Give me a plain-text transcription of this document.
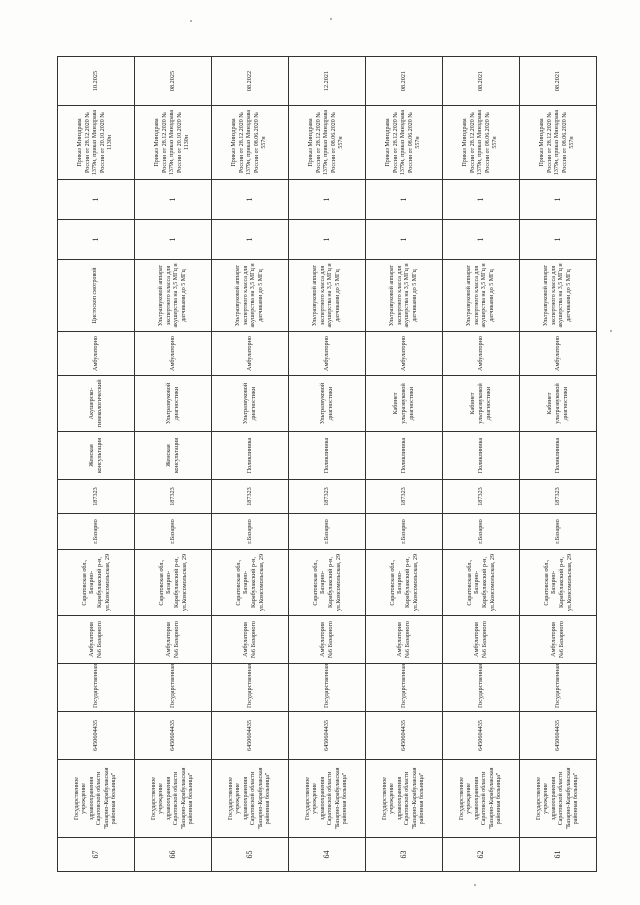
67	Государственное учреждение здравоохранения Саратовской области "Базарно-Карабулакская районная больница"	6450604435	Государственная	Амбулатория №6 Базарного	Саратовская обл., Базарно-Карабулакский р-н, ул.Комсомольская, 29	г.Базарно	187323	Женская консультация	Акушерско-гинекологический	Амбулаторно	Цистоскоп смотровой	1	1	Приказ Минздрава России от 28.12.2020 № 1379н, приказ Минздрава России от 20.10.2020 № 1130н	10.2025
66	Государственное учреждение здравоохранения Саратовской области "Базарно-Карабулакская районная больница"	6450604435	Государственная	Амбулатория №6 Базарного	Саратовская обл., Базарно-Карабулакский р-н, ул.Комсомольская, 29	г.Базарно	187323	Женская консультация	Ультразвуковой диагностики	Амбулаторно	Ультразвуковой аппарат экспертного класса для акушерства на 3,5 МГц и датчиками до 5 МГц	1	1	Приказ Минздрава России от 28.12.2020 № 1379н, приказ Минздрава России от 20.10.2020 № 1130н	08.2025
65	Государственное учреждение здравоохранения Саратовской области "Базарно-Карабулакская районная больница"	6450604435	Государственная	Амбулатория №6 Базарного	Саратовская обл., Базарно-Карабулакский р-н, ул.Комсомольская, 29	г.Базарно	187323	Поликлиника	Ультразвуковой диагностики	Амбулаторно	Ультразвуковой аппарат экспертного класса для акушерства на 3,5 МГц и датчиками до 5 МГц	1	1	Приказ Минздрава России от 28.12.2020 № 1379н, приказ Минздрава России от 08.06.2020 № 557н	08.2022
64	Государственное учреждение здравоохранения Саратовской области "Базарно-Карабулакская районная больница"	6450604435	Государственная	Амбулатория №6 Базарного	Саратовская обл., Базарно-Карабулакский р-н, ул.Комсомольская, 29	г.Базарно	187323	Поликлиника	Ультразвуковой диагностики	Амбулаторно	Ультразвуковой аппарат экспертного класса для акушерства на 3,5 МГц и датчиками до 5 МГц	1	1	Приказ Минздрава России от 28.12.2020 № 1379н, приказ Минздрава России от 08.06.2020 № 557н	12.2021
63	Государственное учреждение здравоохранения Саратовской области "Базарно-Карабулакская районная больница"	6450604435	Государственная	Амбулатория №6 Базарного	Саратовская обл., Базарно-Карабулакский р-н, ул.Комсомольская, 29	г.Базарно	187323	Поликлиника	Кабинет ультразвуковой диагностики	Амбулаторно	Ультразвуковой аппарат экспертного класса для акушерства на 3,5 МГц и датчиками до 5 МГц	1	1	Приказ Минздрава России от 28.12.2020 № 1379н, приказ Минздрава России от 08.06.2020 № 557н	08.2021
62	Государственное учреждение здравоохранения Саратовской области "Базарно-Карабулакская районная больница"	6450604435	Государственная	Амбулатория №6 Базарного	Саратовская обл., Базарно-Карабулакский р-н, ул.Комсомольская, 29	г.Базарно	187323	Поликлиника	Кабинет ультразвуковой диагностики	Амбулаторно	Ультразвуковой аппарат экспертного класса для акушерства на 3,5 МГц и датчиками до 5 МГц	1	1	Приказ Минздрава России от 28.12.2020 № 1379н, приказ Минздрава России от 08.06.2020 № 557н	08.2021
61	Государственное учреждение здравоохранения Саратовской области "Базарно-Карабулакская районная больница"	6450604435	Государственная	Амбулатория №6 Базарного	Саратовская обл., Базарно-Карабулакский р-н, ул.Комсомольская, 29	г.Базарно	187323	Поликлиника	Кабинет ультразвуковой диагностики	Амбулаторно	Ультразвуковой аппарат экспертного класса для акушерства на 3,5 МГц и датчиками до 5 МГц	1	1	Приказ Минздрава России от 28.12.2020 № 1379н, приказ Минздрава России от 08.06.2020 № 557н	08.2021
